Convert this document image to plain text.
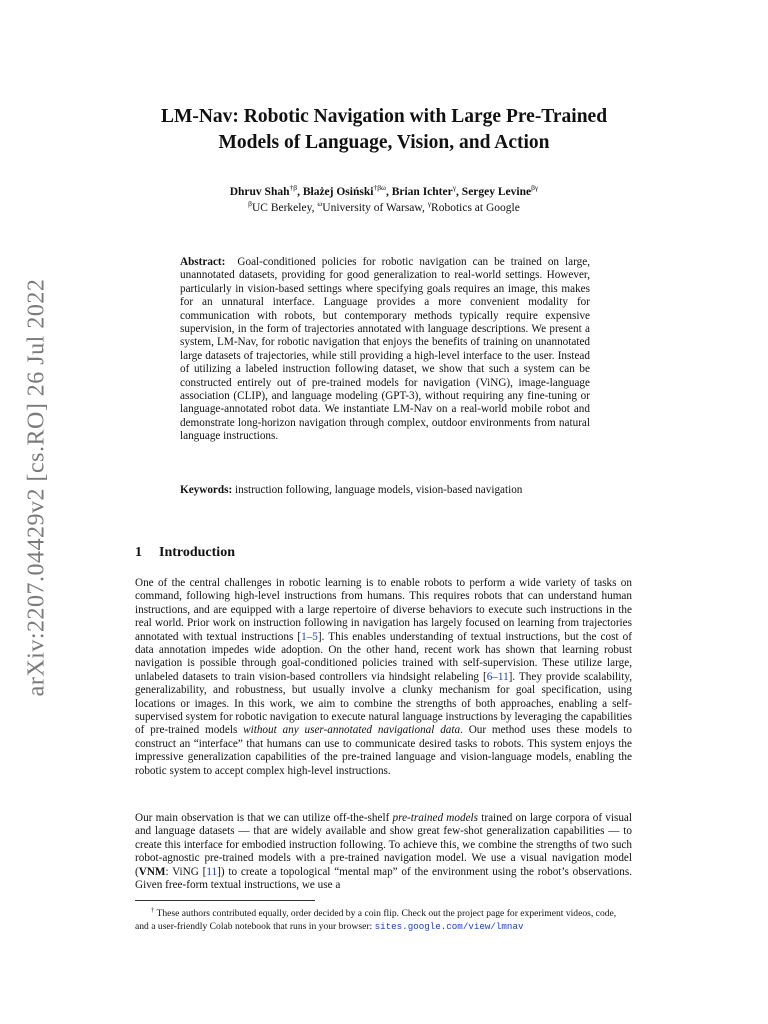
arXiv:2207.04429v2 [cs.RO] 26 Jul 2022
LM-Nav: Robotic Navigation with Large Pre-Trained
Models of Language, Vision, and Action
Dhruv Shah$^{\dagger\beta}$, Błażej Osiński$^{\dagger\beta\omega}$, Brian Ichter$^\gamma$, Sergey Levine$^{\beta\gamma}$
$^\beta$UC Berkeley, $^\omega$University of Warsaw, $^\gamma$Robotics at Google

Abstract: Goal-conditioned policies for robotic navigation can be trained on large, unannotated datasets, providing for good generalization to real-world settings. However, particularly in vision-based settings where specifying goals requires an image, this makes for an unnatural interface. Language provides a more convenient modality for communication with robots, but contemporary methods typically require expensive supervision, in the form of trajectories annotated with language descriptions. We present a system, LM-Nav, for robotic navigation that enjoys the benefits of training on unannotated large datasets of trajectories, while still providing a high-level interface to the user. Instead of utilizing a labeled instruction following dataset, we show that such a system can be constructed entirely out of pre-trained models for navigation (ViNG), image-language association (CLIP), and language modeling (GPT-3), without requiring any fine-tuning or language-annotated robot data. We instantiate LM-Nav on a real-world mobile robot and demonstrate long-horizon navigation through complex, outdoor environments from natural language instructions.

Keywords: instruction following, language models, vision-based navigation

1 Introduction

One of the central challenges in robotic learning is to enable robots to perform a wide variety of tasks on command, following high-level instructions from humans. This requires robots that can understand human instructions, and are equipped with a large repertoire of diverse behaviors to execute such instructions in the real world. Prior work on instruction following in navigation has largely focused on learning from trajectories annotated with textual instructions [1–5]. This enables understanding of textual instructions, but the cost of data annotation impedes wide adoption. On the other hand, recent work has shown that learning robust navigation is possible through goal-conditioned policies trained with self-supervision. These utilize large, unlabeled datasets to train vision-based controllers via hindsight relabeling [6–11]. They provide scalability, generalizability, and robustness, but usually involve a clunky mechanism for goal specification, using locations or images. In this work, we aim to combine the strengths of both approaches, enabling a self-supervised system for robotic navigation to execute natural language instructions by leveraging the capabilities of pre-trained models without any user-annotated navigational data. Our method uses these models to construct an “interface” that humans can use to communicate desired tasks to robots. This system enjoys the impressive generalization capabilities of the pre-trained language and vision-language models, enabling the robotic system to accept complex high-level instructions.

Our main observation is that we can utilize off-the-shelf pre-trained models trained on large corpora of visual and language datasets — that are widely available and show great few-shot generalization capabilities — to create this interface for embodied instruction following. To achieve this, we combine the strengths of two such robot-agnostic pre-trained models with a pre-trained navigation model. We use a visual navigation model (VNM: ViNG [11]) to create a topological “mental map” of the environment using the robot’s observations. Given free-form textual instructions, we use a

† These authors contributed equally, order decided by a coin flip. Check out the project page for experiment videos, code, and a user-friendly Colab notebook that runs in your browser: sites.google.com/view/lmnav
